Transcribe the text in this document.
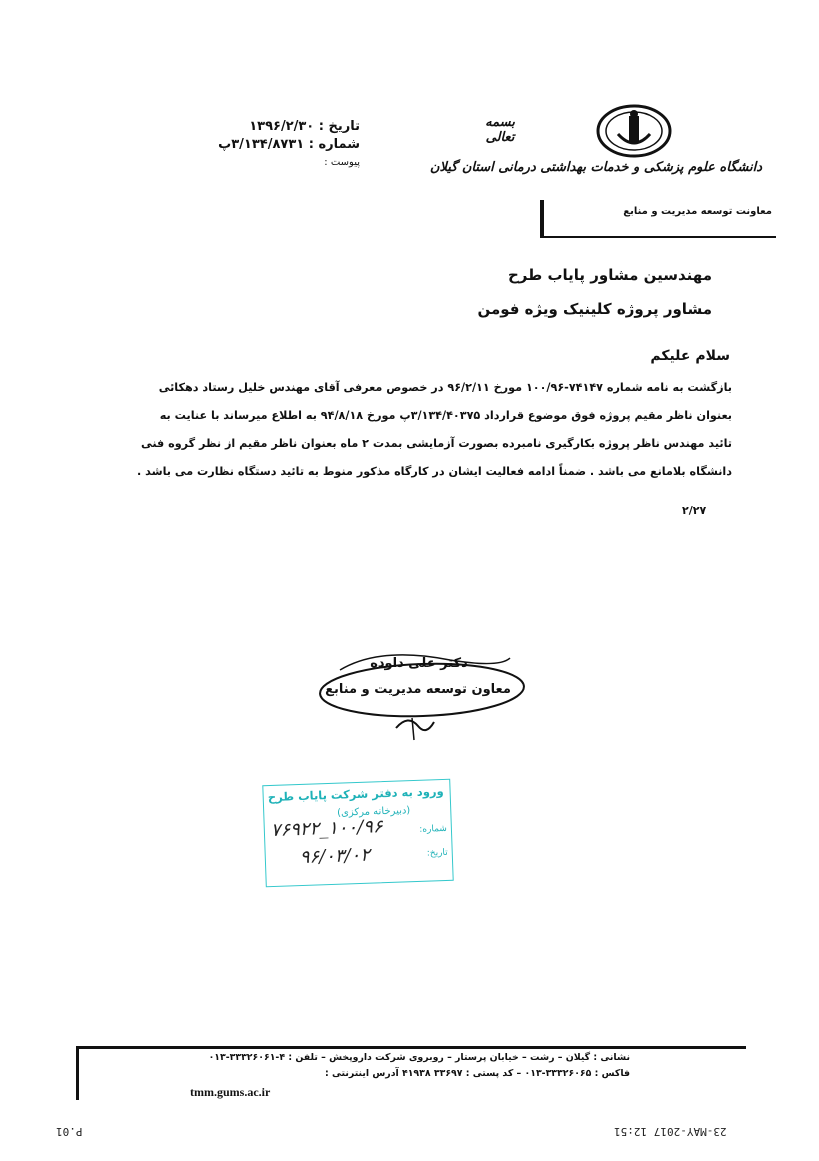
تاریخ : ۱۳۹۶/۲/۳۰
شماره : ۳/۱۳۴/۸۷۳۱پ
پیوست :
بسمه تعالی
دانشگاه علوم پزشکی و خدمات بهداشتی درمانی استان گیلان
معاونت توسعه مدیریت و منابع
مهندسین مشاور پایاب طرح
مشاور پروژه کلینیک ویژه فومن
سلام علیکم

بازگشت به نامه شماره ۷۴۱۴۷-۱۰۰/۹۶ مورخ ۹۶/۲/۱۱ در خصوص معرفی آقای مهندس خلیل رستاد دهکائی

بعنوان ناظر مقیم پروژه فوق موضوع قرارداد ۳/۱۳۴/۴۰۳۷۵پ مورخ ۹۴/۸/۱۸ به اطلاع میرساند با عنایت به

تائید مهندس ناظر پروژه بکارگیری نامبرده بصورت آزمایشی بمدت ۲ ماه بعنوان ناظر مقیم از نظر گروه فنی

دانشگاه بلامانع می باشد . ضمناً ادامه فعالیت ایشان در کارگاه مذکور منوط به تائید دستگاه نظارت می باشد .

۲/۲۷
دکتر علی داوده
معاون توسعه مدیریت و منابع
ورود به دفتر شرکت پایاب طرح
(دبیرخانه مرکزی)
شماره:
تاریخ:
۱۰۰/۹۶_۷۶۹۲۲
۹۶/۰۳/۰۲

نشانی : گیلان – رشت – خیابان پرستار – روبروی شرکت داروپخش – تلفن : ۴-۳۳۳۲۶۰۶۱-۰۱۳

فاکس : ۳۳۳۲۶۰۶۵-۰۱۳ – کد پستی : ۳۳۶۹۷ ۴۱۹۳۸ آدرس اینترنتی :

tmm.gums.ac.ir

P.01	23-MAY-2017 12:51
